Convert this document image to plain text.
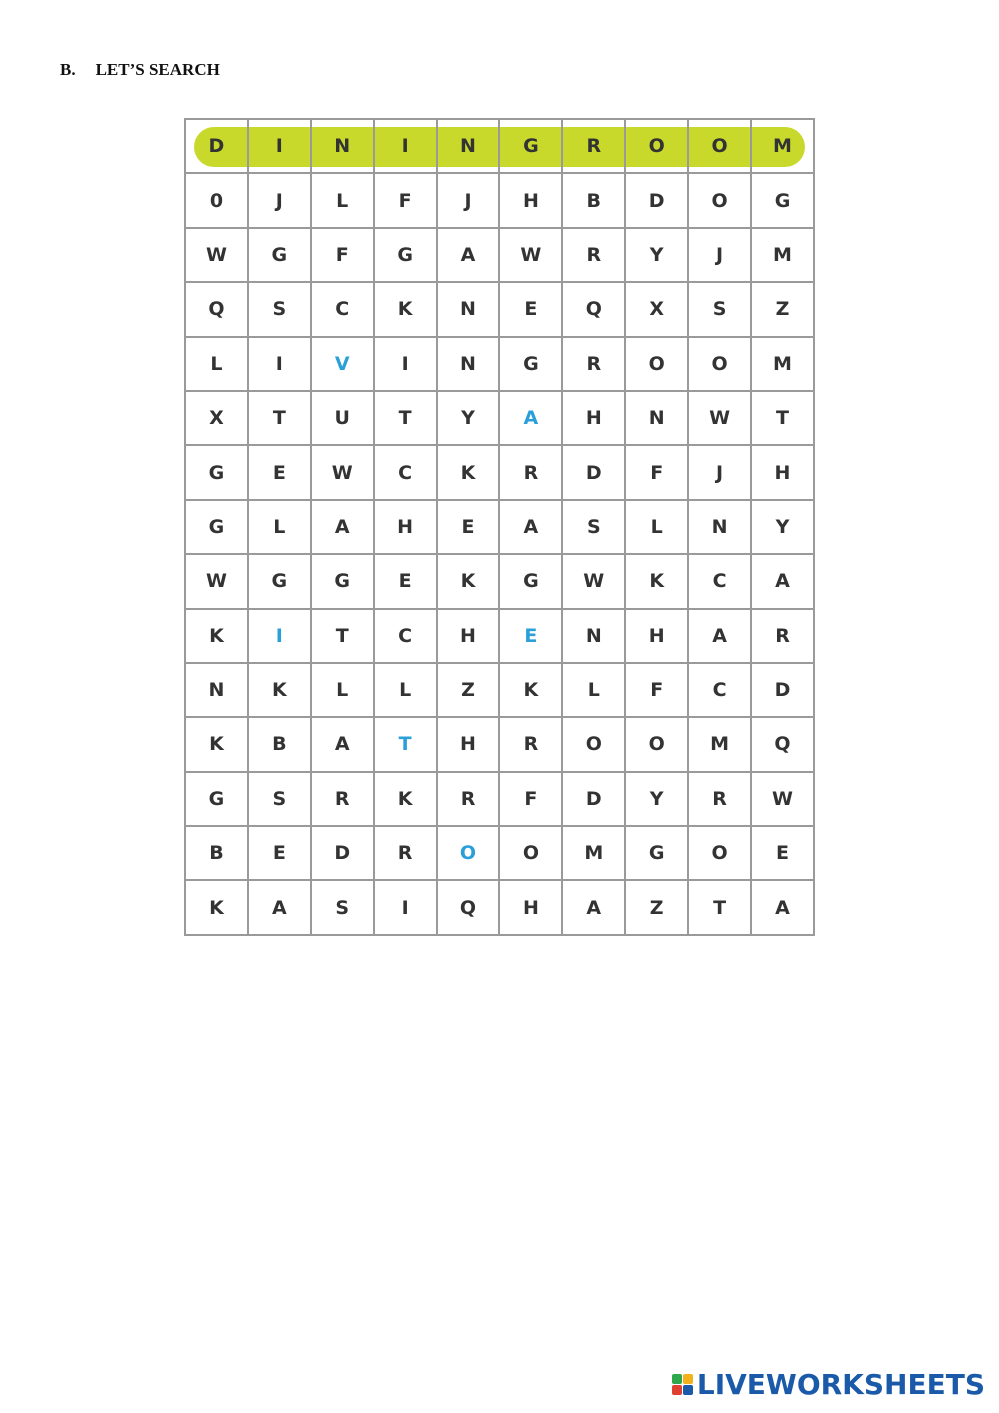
B. LET’S SEARCH
D	I	N	I	N	G	R	O	O	M
0	J	L	F	J	H	B	D	O	G
W	G	F	G	A	W	R	Y	J	M
Q	S	C	K	N	E	Q	X	S	Z
L	I	V	I	N	G	R	O	O	M
X	T	U	T	Y	A	H	N	W	T
G	E	W	C	K	R	D	F	J	H
G	L	A	H	E	A	S	L	N	Y
W	G	G	E	K	G	W	K	C	A
K	I	T	C	H	E	N	H	A	R
N	K	L	L	Z	K	L	F	C	D
K	B	A	T	H	R	O	O	M	Q
G	S	R	K	R	F	D	Y	R	W
B	E	D	R	O	O	M	G	O	E
K	A	S	I	Q	H	A	Z	T	A
LIVEWORKSHEETS
